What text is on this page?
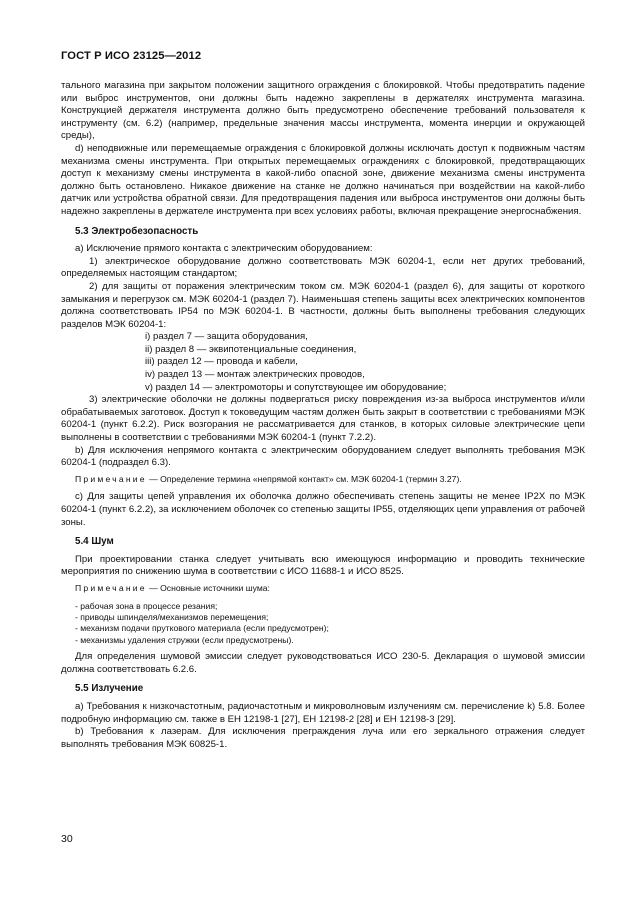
ГОСТ Р ИСО 23125—2012

тального магазина при закрытом положении защитного ограждения с блокировкой. Чтобы предотвратить падение или выброс инструментов, они должны быть надежно закреплены в держателях инструмента магазина. Конструкцией держателя инструмента должно быть предусмотрено обеспечение требований пользователя к инструменту (см. 6.2) (например, предельные значения массы инструмента, момента инерции и окружающей среды),

d) неподвижные или перемещаемые ограждения с блокировкой должны исключать доступ к подвижным частям механизма смены инструмента. При открытых перемещаемых ограждениях с блокировкой, предотвращающих доступ к механизму смены инструмента в какой-либо опасной зоне, движение механизма смены инструмента должно быть остановлено. Никакое движение на станке не должно начинаться при воздействии на какой-либо датчик или устройства обратной связи. Для предотвращения падения или выброса инструментов они должны быть надежно закреплены в держателе инструмента при всех условиях работы, включая прекращение энергоснабжения.

5.3 Электробезопасность

а) Исключение прямого контакта с электрическим оборудованием:

1) электрическое оборудование должно соответствовать МЭК 60204-1, если нет других требований, определяемых настоящим стандартом;

2) для защиты от поражения электрическим током см. МЭК 60204-1 (раздел 6), для защиты от короткого замыкания и перегрузок см. МЭК 60204-1 (раздел 7). Наименьшая степень защиты всех электрических компонентов должна соответствовать IP54 по МЭК 60204-1. В частности, должны быть выполнены требования следующих разделов МЭК 60204-1:

i) раздел 7 — защита оборудования,

ii) раздел 8 — эквипотенциальные соединения,

iii) раздел 12 — провода и кабели,

iv) раздел 13 — монтаж электрических проводов,

v) раздел 14 — электромоторы и сопутствующее им оборудование;

3) электрические оболочки не должны подвергаться риску повреждения из-за выброса инструментов и/или обрабатываемых заготовок. Доступ к токоведущим частям должен быть закрыт в соответствии с требованиями МЭК 60204-1 (пункт 6.2.2). Риск возгорания не рассматривается для станков, в которых силовые электрические цепи выполнены в соответствии с требованиями МЭК 60204-1 (пункт 7.2.2).

b) Для исключения непрямого контакта с электрическим оборудованием следует выполнять требования МЭК 60204-1 (подраздел 6.3).

Примечание — Определение термина «непрямой контакт» см. МЭК 60204-1 (термин 3.27).

c) Для защиты цепей управления их оболочка должно обеспечивать степень защиты не менее IP2X по МЭК 60204-1 (пункт 6.2.2), за исключением оболочек со степенью защиты IP55, отделяющих цепи управления от рабочей зоны.

5.4 Шум

При проектировании станка следует учитывать всю имеющуюся информацию и проводить технические мероприятия по снижению шума в соответствии с ИСО 11688-1 и ИСО 8525.

Примечание — Основные источники шума:

- рабочая зона в процессе резания;

- приводы шпинделя/механизмов перемещения;

- механизм подачи пруткового материала (если предусмотрен);

- механизмы удаления стружки (если предусмотрены).

Для определения шумовой эмиссии следует руководствоваться ИСО 230-5. Декларация о шумовой эмиссии должна соответствовать 6.2.6.

5.5 Излучение

а) Требования к низкочастотным, радиочастотным и микроволновым излучениям см. перечисление k) 5.8. Более подробную информацию см. также в ЕН 12198-1 [27], ЕН 12198-2 [28] и ЕН 12198-3 [29].

b) Требования к лазерам. Для исключения преграждения луча или его зеркального отражения следует выполнять требования МЭК 60825-1.

30
